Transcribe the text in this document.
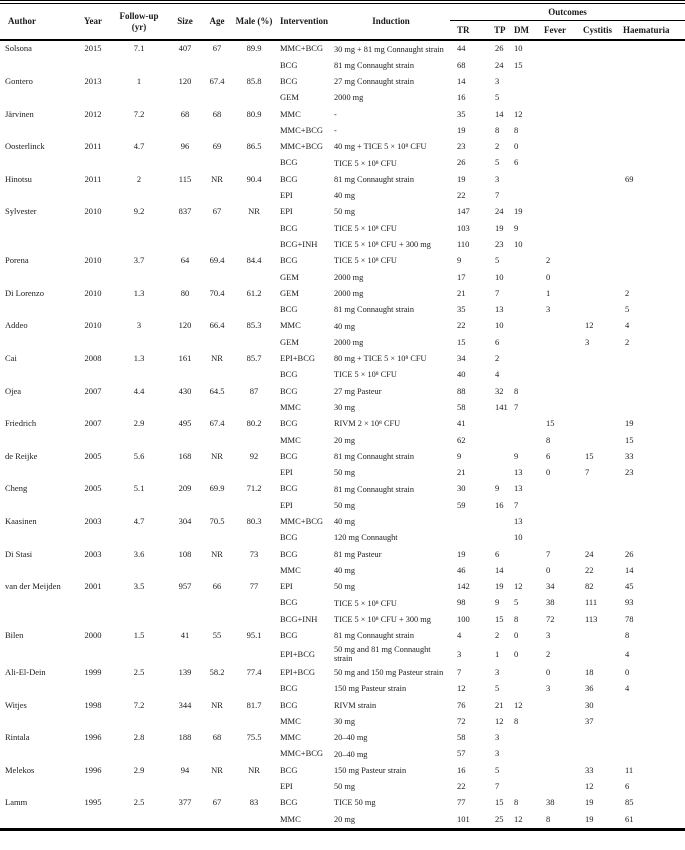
Author	Year	Follow-up (yr)	Size	Age	Male (%)	Intervention	Induction	Outcomes					
								TR	TP	DM	Fever	Cystitis	Haematuria
Solsona	2015	7.1	407	67	89.9	MMC+BCG	30 mg + 81 mg Connaught strain	44	26	10			
						BCG	81 mg Connaught strain	68	24	15			
Gontero	2013	1	120	67.4	85.8	BCG	27 mg Connaught strain	14	3				
						GEM	2000 mg	16	5				
Järvinen	2012	7.2	68	68	80.9	MMC	-	35	14	12			
						MMC+BCG	-	19	8	8			
Oosterlinck	2011	4.7	96	69	86.5	MMC+BCG	40 mg + TICE 5 × 10⁸ CFU	23	2	0			
						BCG	TICE 5 × 10⁸ CFU	26	5	6			
Hinotsu	2011	2	115	NR	90.4	BCG	81 mg Connaught strain	19	3				69
						EPI	40 mg	22	7				
Sylvester	2010	9.2	837	67	NR	EPI	50 mg	147	24	19			
						BCG	TICE 5 × 10⁸ CFU	103	19	9			
						BCG+INH	TICE 5 × 10⁸ CFU + 300 mg	110	23	10			
Porena	2010	3.7	64	69.4	84.4	BCG	TICE 5 × 10⁸ CFU	9	5		2		
						GEM	2000 mg	17	10		0		
Di Lorenzo	2010	1.3	80	70.4	61.2	GEM	2000 mg	21	7		1		2
						BCG	81 mg Connaught strain	35	13		3		5
Addeo	2010	3	120	66.4	85.3	MMC	40 mg	22	10			12	4
						GEM	2000 mg	15	6			3	2
Cai	2008	1.3	161	NR	85.7	EPI+BCG	80 mg + TICE 5 × 10⁸ CFU	34	2				
						BCG	TICE 5 × 10⁸ CFU	40	4				
Ojea	2007	4.4	430	64.5	87	BCG	27 mg Pasteur	88	32	8			
						MMC	30 mg	58	141	7			
Friedrich	2007	2.9	495	67.4	80.2	BCG	RIVM 2 × 10⁸ CFU	41			15		19
						MMC	20 mg	62			8		15
de Reijke	2005	5.6	168	NR	92	BCG	81 mg Connaught strain	9		9	6	15	33
						EPI	50 mg	21		13	0	7	23
Cheng	2005	5.1	209	69.9	71.2	BCG	81 mg Connaught strain	30	9	13			
						EPI	50 mg	59	16	7			
Kaasinen	2003	4.7	304	70.5	80.3	MMC+BCG	40 mg			13			
						BCG	120 mg Connaught			10			
Di Stasi	2003	3.6	108	NR	73	BCG	81 mg Pasteur	19	6		7	24	26
						MMC	40 mg	46	14		0	22	14
van der Meijden	2001	3.5	957	66	77	EPI	50 mg	142	19	12	34	82	45
						BCG	TICE 5 × 10⁸ CFU	98	9	5	38	111	93
						BCG+INH	TICE 5 × 10⁸ CFU + 300 mg	100	15	8	72	113	78
Bilen	2000	1.5	41	55	95.1	BCG	81 mg Connaught strain	4	2	0	3		8
						EPI+BCG	50 mg and 81 mg Connaught strain	3	1	0	2		4
Ali-El-Dein	1999	2.5	139	58.2	77.4	EPI+BCG	50 mg and 150 mg Pasteur strain	7	3		0	18	0
						BCG	150 mg Pasteur strain	12	5		3	36	4
Witjes	1998	7.2	344	NR	81.7	BCG	RIVM strain	76	21	12		30	
						MMC	30 mg	72	12	8		37	
Rintala	1996	2.8	188	68	75.5	MMC	20–40 mg	58	3				
						MMC+BCG	20–40 mg	57	3				
Melekos	1996	2.9	94	NR	NR	BCG	150 mg Pasteur strain	16	5			33	11
						EPI	50 mg	22	7			12	6
Lamm	1995	2.5	377	67	83	BCG	TICE 50 mg	77	15	8	38	19	85
						MMC	20 mg	101	25	12	8	19	61
